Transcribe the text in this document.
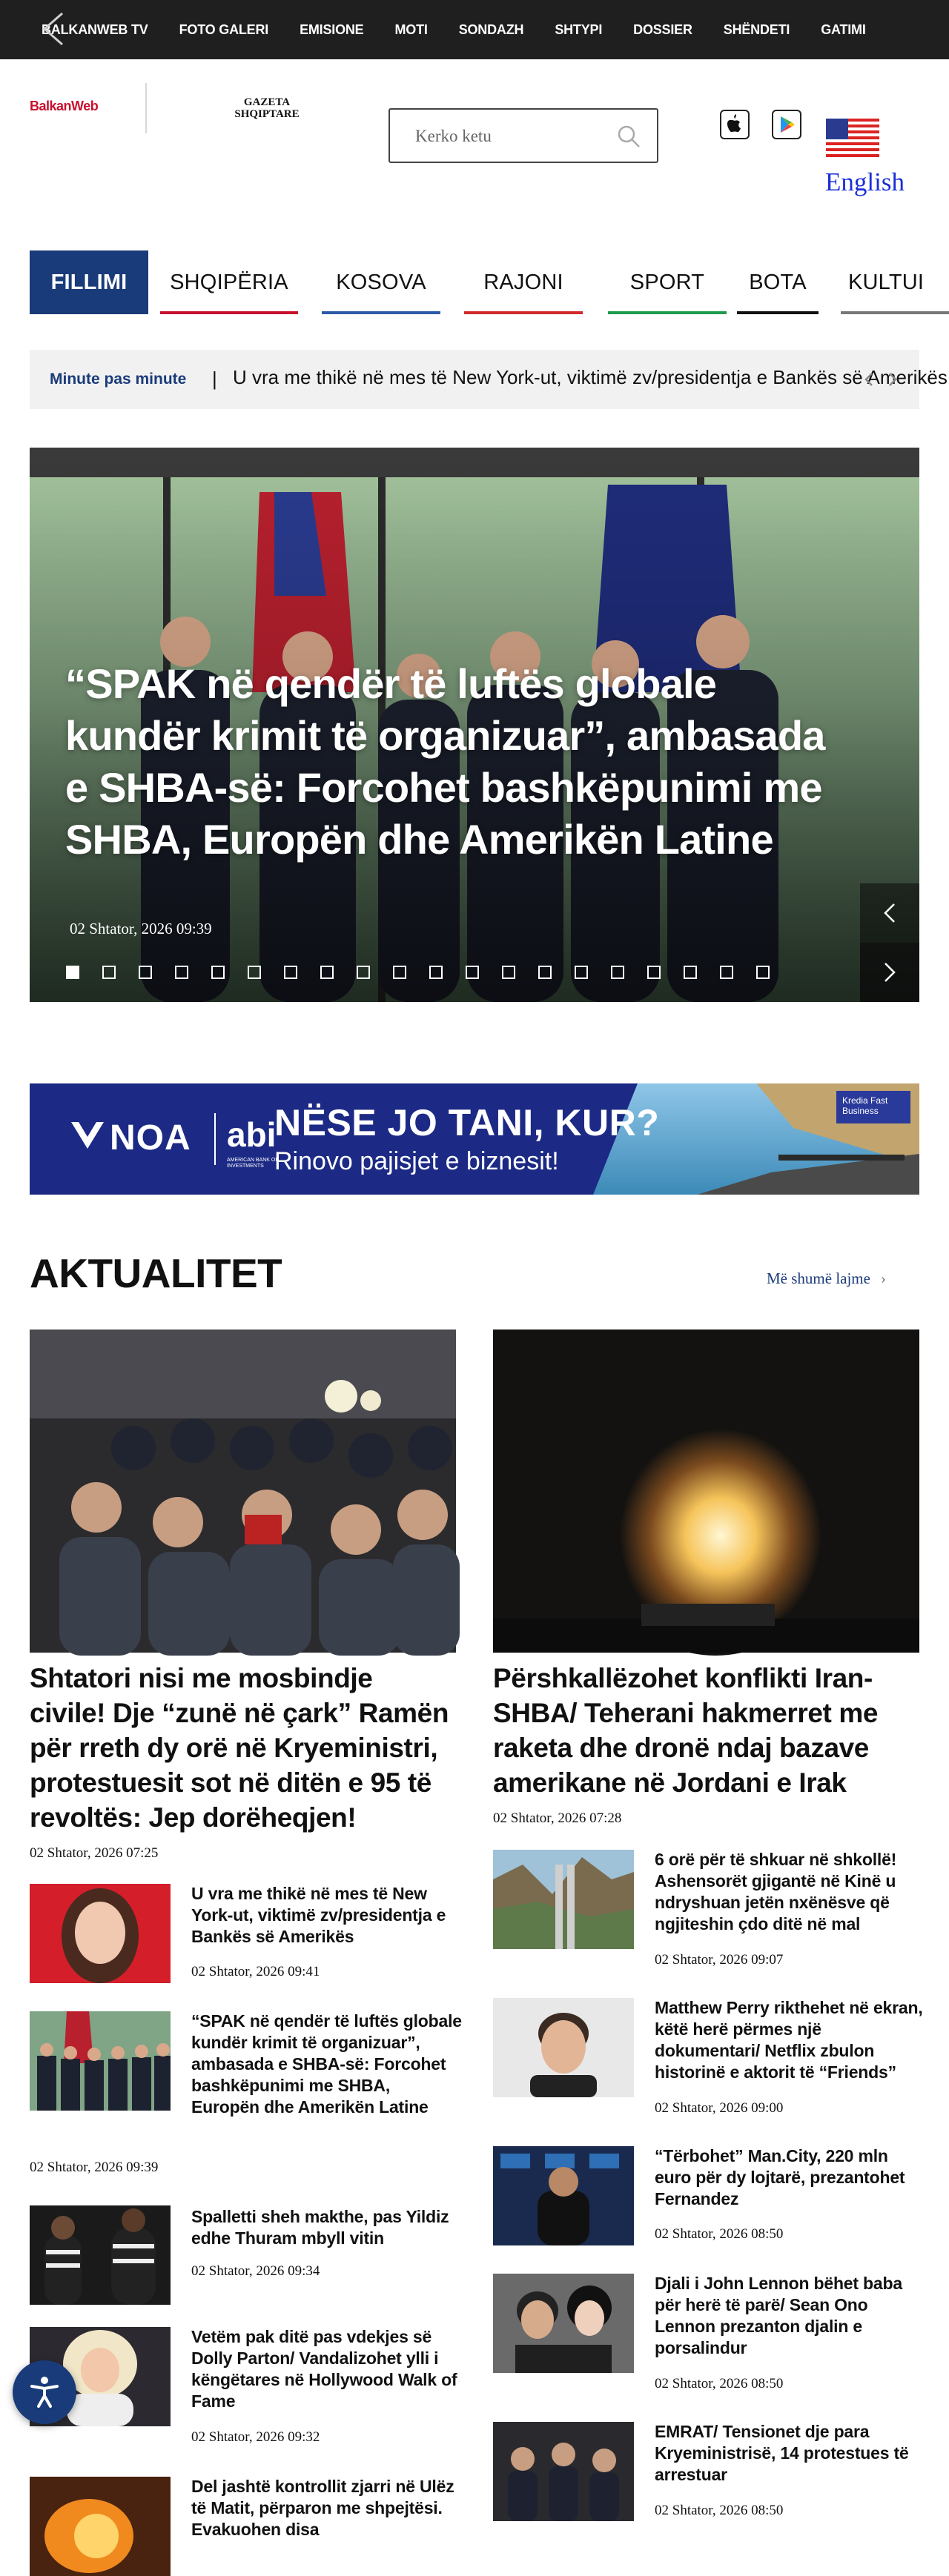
BALKANWEB TV FOTO GALERI EMISIONE MOTI SONDAZH SHTYPI DOSSIER SHËNDETI GATIMI
BalkanWeb	GAZETA
SHQIPTARE
Kerko ketu
English
FILLIMI SHQIPËRIA KOSOVA	RAJONI	SPORT BOTA KULTUI
Minute pas minute | U vra me thikë në mes të New York-ut, viktimë zv/presidentja e Bankës së Amerikës
“SPAK në qendër të luftës globale kundër krimit të organizuar”, ambasada e SHBA-së: Forcohet bashkëpunimi me SHBA, Europën dhe Amerikën Latine
02 Shtator, 2026 09:39
NOA abi
AMERICAN BANK OF INVESTMENTS
NËSE JO TANI, KUR?
Rinovo pajisjet e biznesit!
Kredia Fast Business
AKTUALITET	Më shumë lajme ›
Shtatori nisi me mosbindje civile! Dje “zunë në çark” Ramën për rreth dy orë në Kryeministri, protestuesit sot në ditën e 95 të revoltës: Jep dorëheqjen!
02 Shtator, 2026 07:25
Përshkallëzohet konflikti Iran-SHBA/ Teherani hakmerret me raketa dhe dronë ndaj bazave amerikane në Jordani e Irak
02 Shtator, 2026 07:28
U vra me thikë në mes të New York-ut, viktimë zv/presidentja e Bankës së Amerikës
02 Shtator, 2026 09:41
“SPAK në qendër të luftës globale kundër krimit të organizuar”, ambasada e SHBA-së: Forcohet bashkëpunimi me SHBA, Europën dhe Amerikën Latine
02 Shtator, 2026 09:39
Spalletti sheh makthe, pas Yildiz edhe Thuram mbyll vitin
02 Shtator, 2026 09:34
Vetëm pak ditë pas vdekjes së Dolly Parton/ Vandalizohet ylli i këngëtares në Hollywood Walk of Fame
02 Shtator, 2026 09:32
Del jashtë kontrollit zjarri në Ulëz të Matit, përparon me shpejtësi. Evakuohen disa
6 orë për të shkuar në shkollë! Ashensorët gjigantë në Kinë u ndryshuan jetën nxënësve që ngjiteshin çdo ditë në mal
02 Shtator, 2026 09:07
Matthew Perry rikthehet në ekran, këtë herë përmes një dokumentari/ Netflix zbulon historinë e aktorit të “Friends”
02 Shtator, 2026 09:00
“Tërbohet” Man.City, 220 mln euro për dy lojtarë, prezantohet Fernandez
02 Shtator, 2026 08:50
Djali i John Lennon bëhet baba për herë të parë/ Sean Ono Lennon prezanton djalin e porsalindur
02 Shtator, 2026 08:50
EMRAT/ Tensionet dje para Kryeministrisë, 14 protestues të arrestuar
02 Shtator, 2026 08:50
